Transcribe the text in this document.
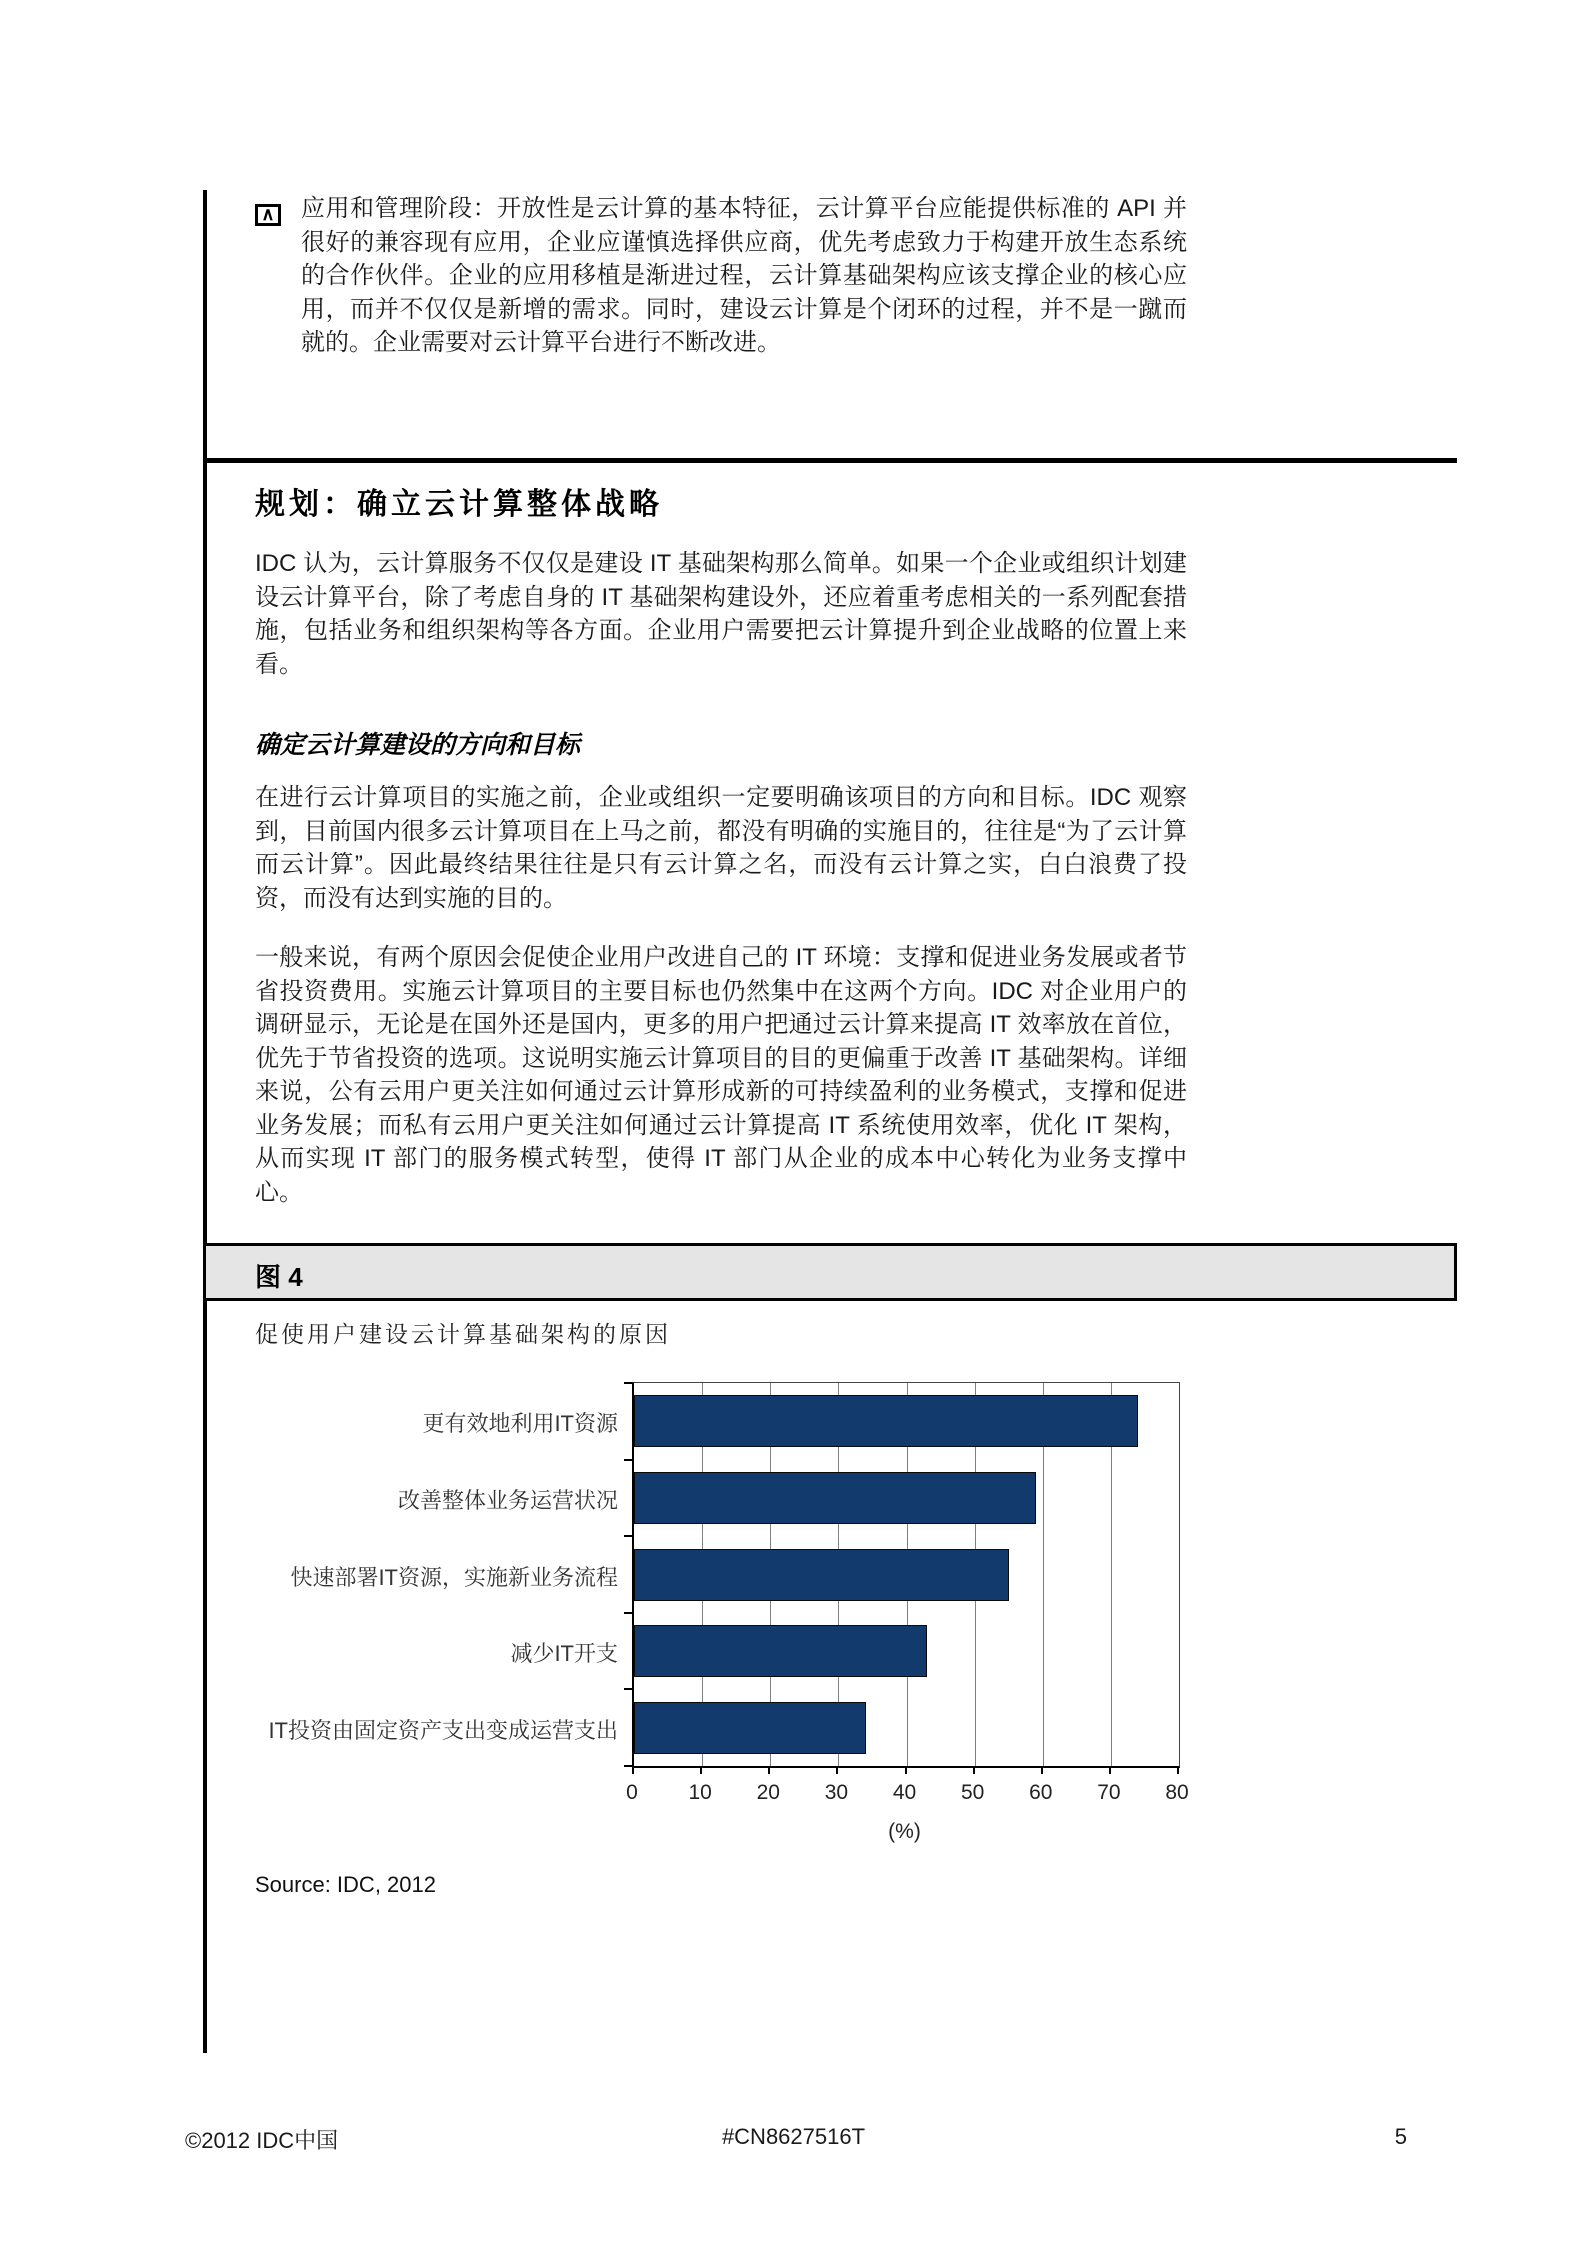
∧ 应用和管理阶段：开放性是云计算的基本特征，云计算平台应能提供标准的 API 并很好的兼容现有应用，企业应谨慎选择供应商，优先考虑致力于构建开放生态系统的合作伙伴。企业的应用移植是渐进过程，云计算基础架构应该支撑企业的核心应用，而并不仅仅是新增的需求。同时，建设云计算是个闭环的过程，并不是一蹴而就的。企业需要对云计算平台进行不断改进。
规划：确立云计算整体战略
IDC 认为，云计算服务不仅仅是建设 IT 基础架构那么简单。如果一个企业或组织计划建设云计算平台，除了考虑自身的 IT 基础架构建设外，还应着重考虑相关的一系列配套措施，包括业务和组织架构等各方面。企业用户需要把云计算提升到企业战略的位置上来看。
确定云计算建设的方向和目标
在进行云计算项目的实施之前，企业或组织一定要明确该项目的方向和目标。IDC 观察到，目前国内很多云计算项目在上马之前，都没有明确的实施目的，往往是“为了云计算而云计算”。因此最终结果往往是只有云计算之名，而没有云计算之实，白白浪费了投资，而没有达到实施的目的。
一般来说，有两个原因会促使企业用户改进自己的 IT 环境：支撑和促进业务发展或者节省投资费用。实施云计算项目的主要目标也仍然集中在这两个方向。IDC 对企业用户的调研显示，无论是在国外还是国内，更多的用户把通过云计算来提高 IT 效率放在首位，优先于节省投资的选项。这说明实施云计算项目的目的更偏重于改善 IT 基础架构。详细来说，公有云用户更关注如何通过云计算形成新的可持续盈利的业务模式，支撑和促进业务发展；而私有云用户更关注如何通过云计算提高 IT 系统使用效率，优化 IT 架构，从而实现 IT 部门的服务模式转型，使得 IT 部门从企业的成本中心转化为业务支撑中心。
图 4
促使用户建设云计算基础架构的原因
更有效地利用IT资源
改善整体业务运营状况
快速部署IT资源，实施新业务流程
减少IT开支
IT投资由固定资产支出变成运营支出
0	10	20	30	40	50	60	70	80
(%)
Source: IDC, 2012
#CN8627516T
©2012 IDC中国	5
